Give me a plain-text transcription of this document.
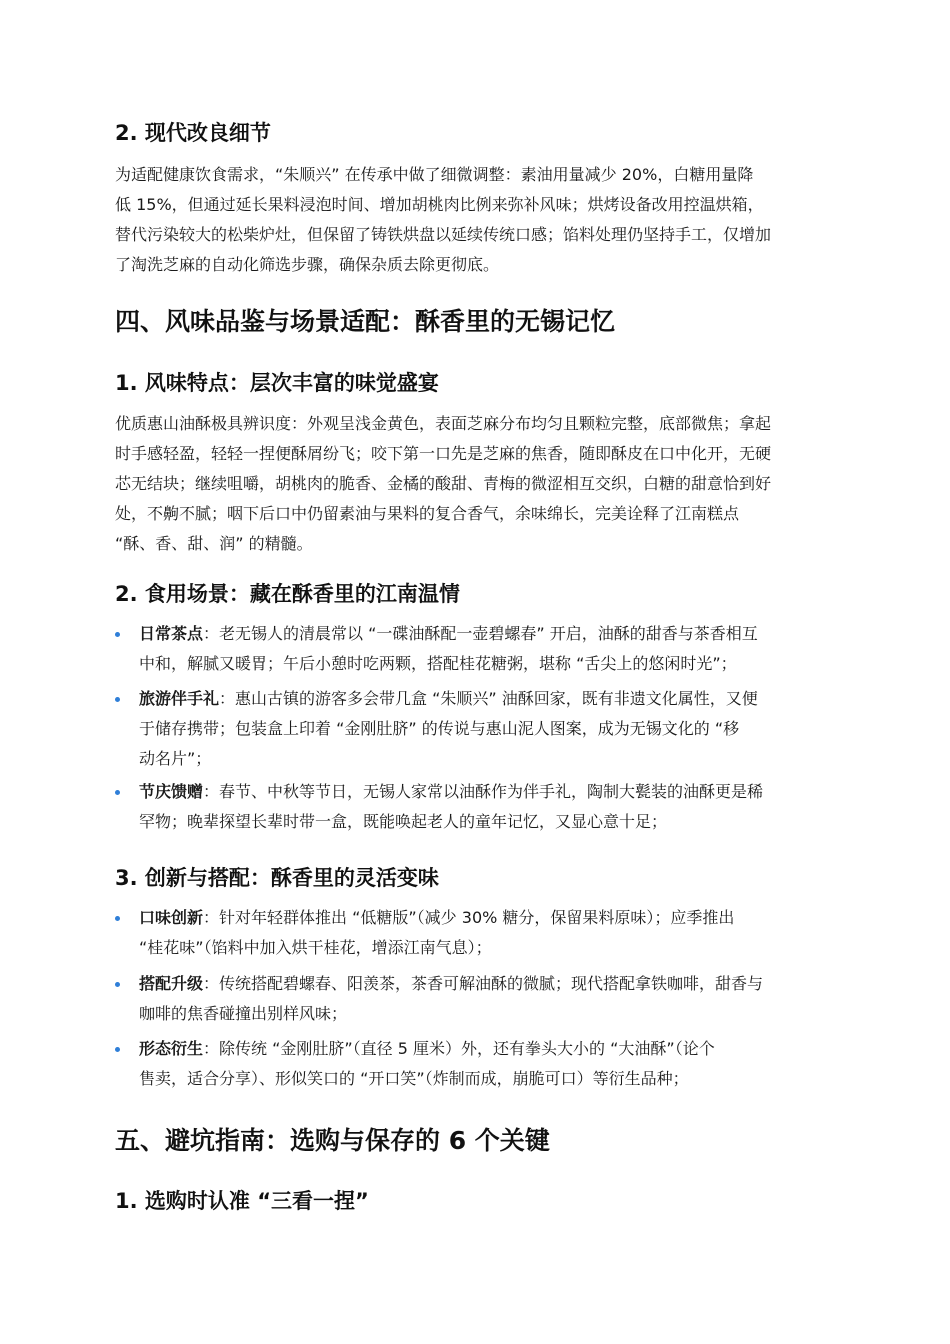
2. 现代改良细节

为适配健康饮食需求，“朱顺兴” 在传承中做了细微调整：素油用量减少 20%，白糖用量降
低 15%，但通过延长果料浸泡时间、增加胡桃肉比例来弥补风味；烘烤设备改用控温烘箱，
替代污染较大的松柴炉灶，但保留了铸铁烘盘以延续传统口感；馅料处理仍坚持手工，仅增加
了淘洗芝麻的自动化筛选步骤，确保杂质去除更彻底。

四、风味品鉴与场景适配：酥香里的无锡记忆
1. 风味特点：层次丰富的味觉盛宴

优质惠山油酥极具辨识度：外观呈浅金黄色，表面芝麻分布均匀且颗粒完整，底部微焦；拿起
时手感轻盈，轻轻一捏便酥屑纷飞；咬下第一口先是芝麻的焦香，随即酥皮在口中化开，无硬
芯无结块；继续咀嚼，胡桃肉的脆香、金橘的酸甜、青梅的微涩相互交织，白糖的甜意恰到好
处，不齁不腻；咽下后口中仍留素油与果料的复合香气，余味绵长，完美诠释了江南糕点
“酥、香、甜、润” 的精髓。

2. 食用场景：藏在酥香里的江南温情
日常茶点：老无锡人的清晨常以 “一碟油酥配一壶碧螺春” 开启，油酥的甜香与茶香相互
中和，解腻又暖胃；午后小憩时吃两颗，搭配桂花糖粥，堪称 “舌尖上的悠闲时光”；
旅游伴手礼：惠山古镇的游客多会带几盒 “朱顺兴” 油酥回家，既有非遗文化属性，又便
于储存携带；包装盒上印着 “金刚肚脐” 的传说与惠山泥人图案，成为无锡文化的 “移
动名片”；
节庆馈赠：春节、中秋等节日，无锡人家常以油酥作为伴手礼，陶制大甏装的油酥更是稀
罕物；晚辈探望长辈时带一盒，既能唤起老人的童年记忆，又显心意十足；
3. 创新与搭配：酥香里的灵活变味
口味创新：针对年轻群体推出 “低糖版”（减少 30% 糖分，保留果料原味）；应季推出
“桂花味”（馅料中加入烘干桂花，增添江南气息）；
搭配升级：传统搭配碧螺春、阳羡茶，茶香可解油酥的微腻；现代搭配拿铁咖啡，甜香与
咖啡的焦香碰撞出别样风味；
形态衍生：除传统 “金刚肚脐”（直径 5 厘米）外，还有拳头大小的 “大油酥”（论个
售卖，适合分享）、形似笑口的 “开口笑”（炸制而成，崩脆可口）等衍生品种；
五、避坑指南：选购与保存的 6 个关键
1. 选购时认准 “三看一捏”
